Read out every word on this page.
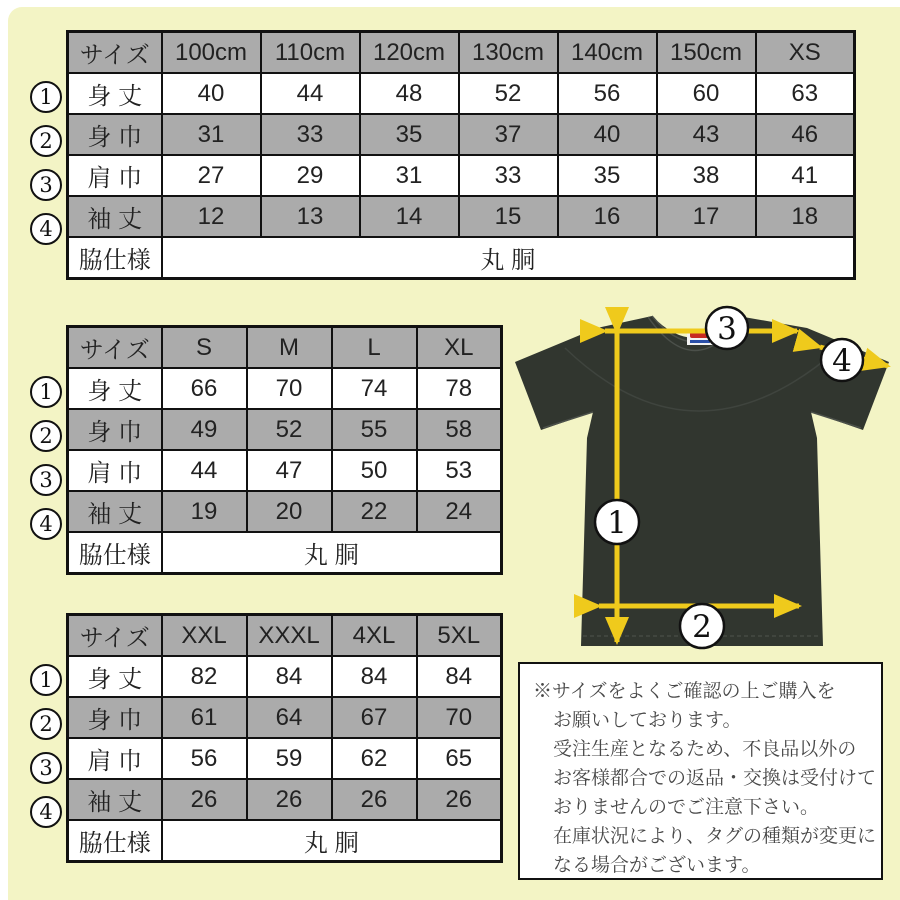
1
2
3
4
サイズ	100cm	110cm	120cm	130cm	140cm	150cm	XS
身 丈	40	44	48	52	56	60	63
身 巾	31	33	35	37	40	43	46
肩 巾	27	29	31	33	35	38	41
袖 丈	12	13	14	15	16	17	18
脇仕様	丸 胴						
1
2
3
4
サイズ	S	M	L	XL
身 丈	66	70	74	78
身 巾	49	52	55	58
肩 巾	44	47	50	53
袖 丈	19	20	22	24
脇仕様	丸 胴			
1
2
3
4
サイズ	XXL	XXXL	4XL	5XL
身 丈	82	84	84	84
身 巾	61	64	67	70
肩 巾	56	59	62	65
袖 丈	26	26	26	26
脇仕様	丸 胴			
3
4
1
2
※サイズをよくご確認の上ご購入を
お願いしております。
受注生産となるため、不良品以外の
お客様都合での返品・交換は受付けて
おりませんのでご注意下さい。
在庫状況により、タグの種類が変更に
なる場合がございます。
